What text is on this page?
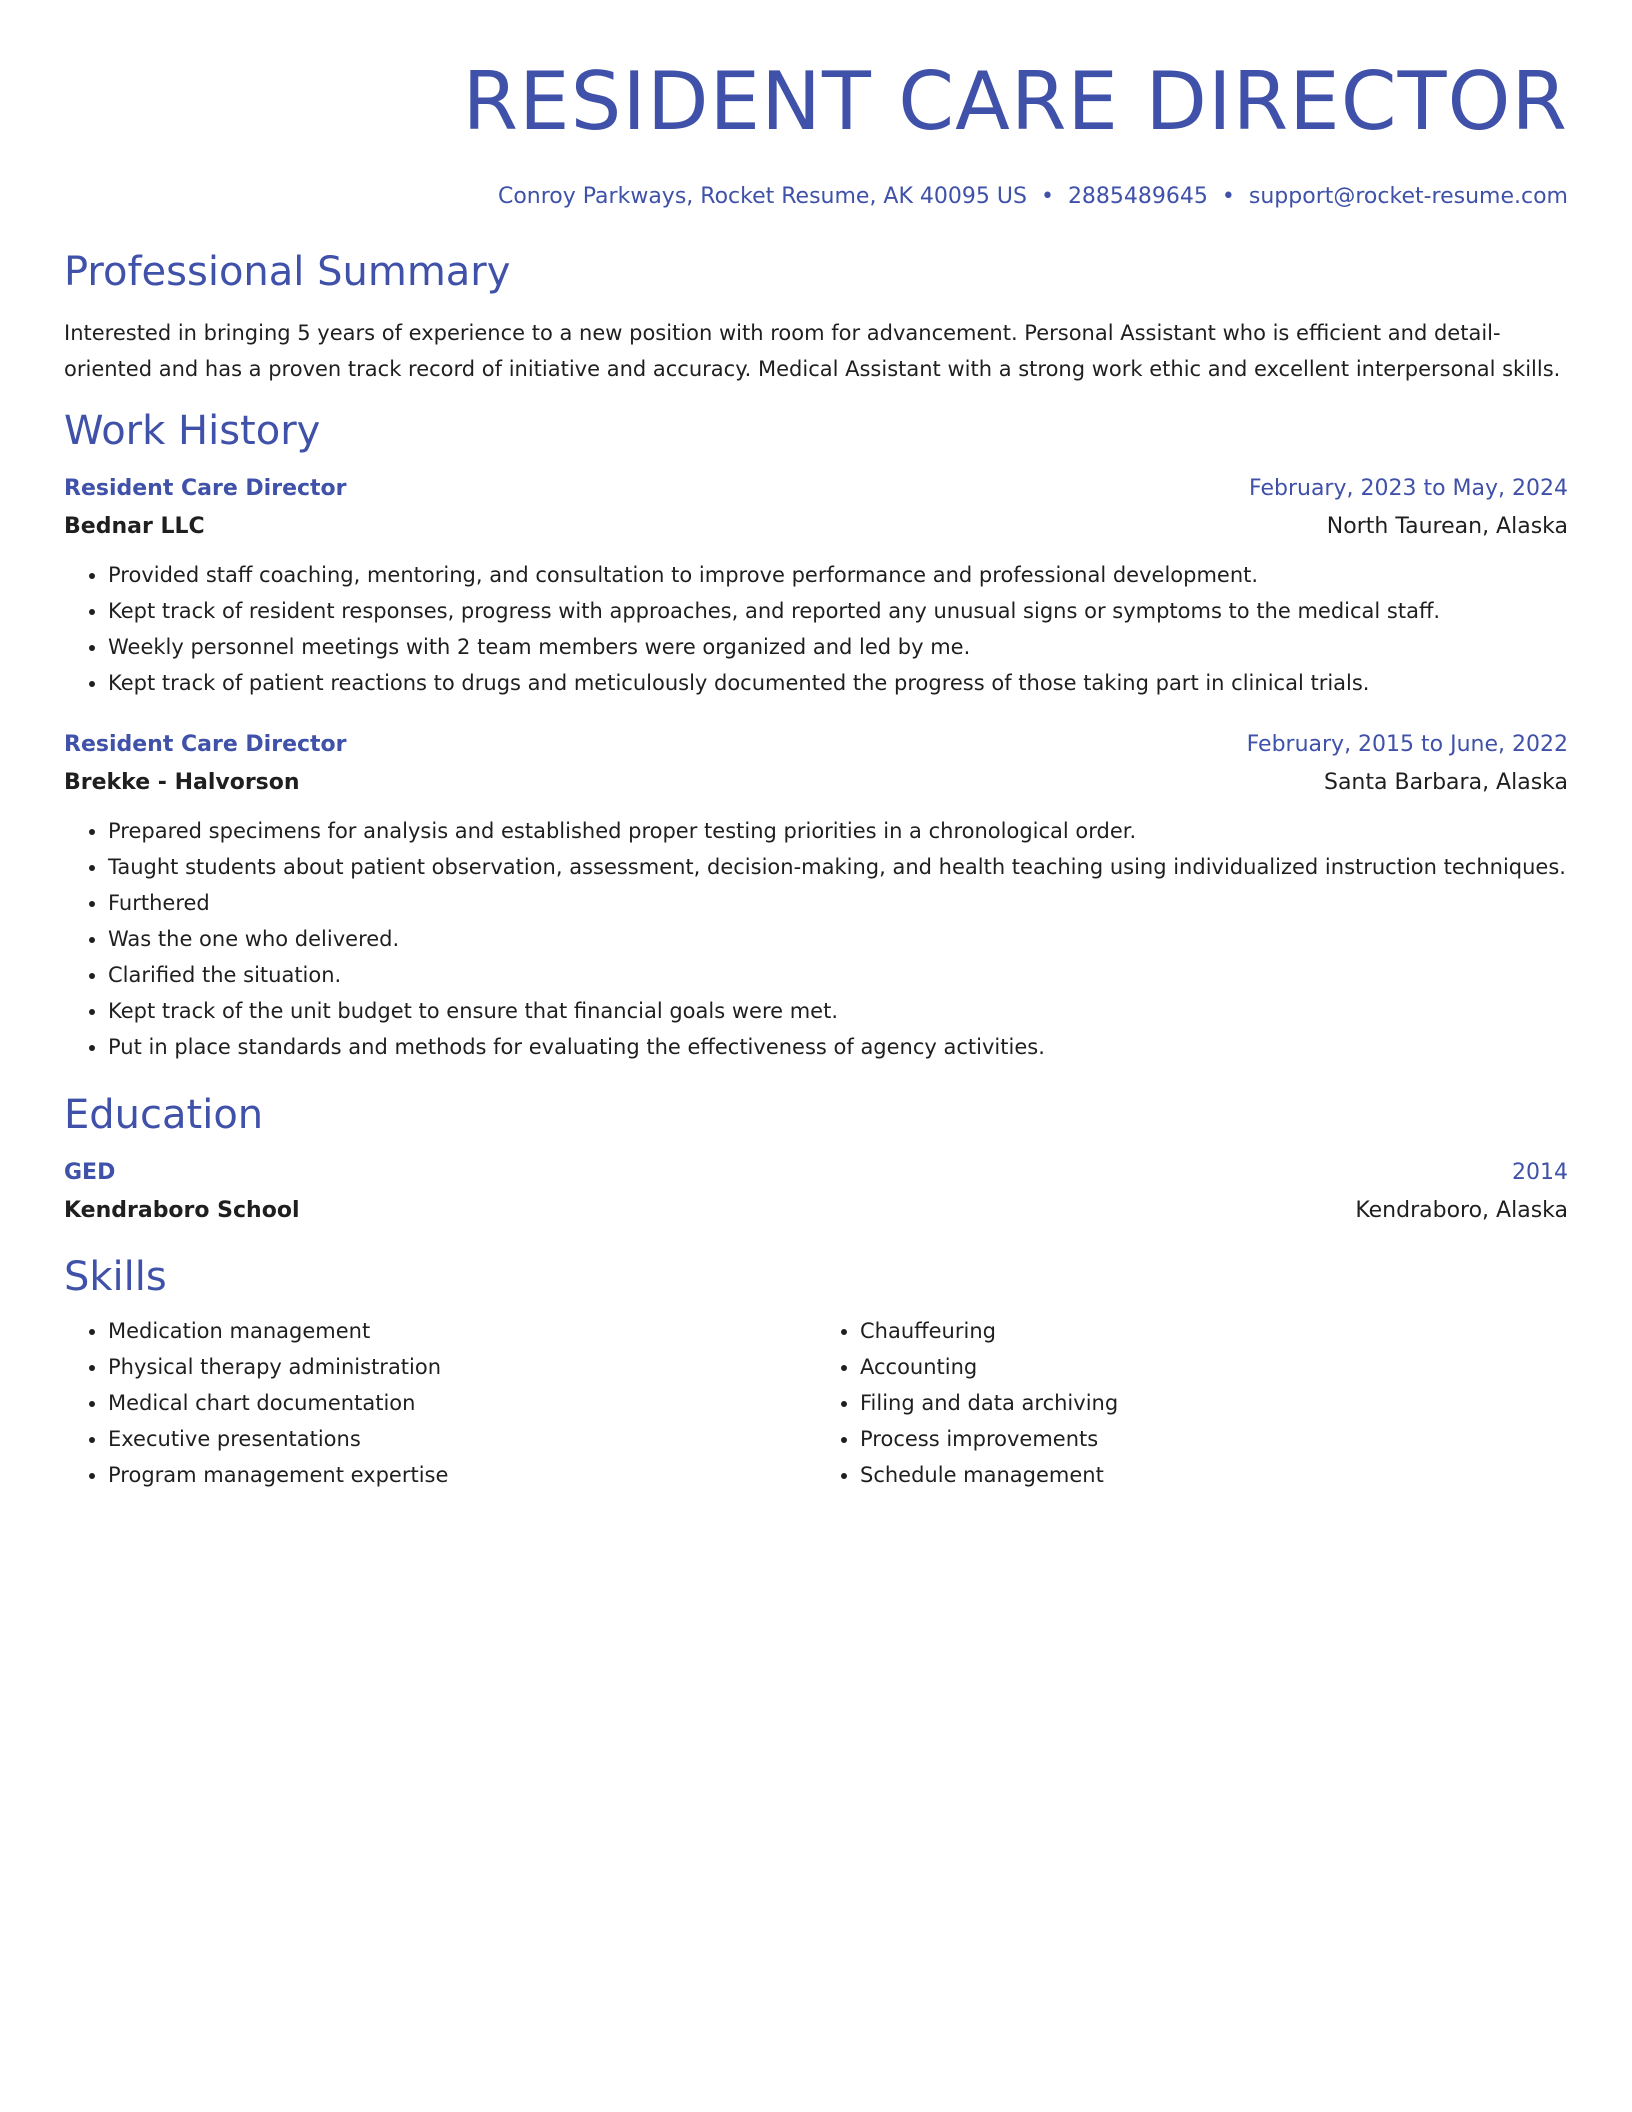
RESIDENT CARE DIRECTOR
Conroy Parkways, Rocket Resume, AK 40095 US • 2885489645 • support@rocket-resume.com
Professional Summary
Interested in bringing 5 years of experience to a new position with room for advancement. Personal Assistant who is efficient and detail-oriented and has a proven track record of initiative and accuracy. Medical Assistant with a strong work ethic and excellent interpersonal skills.
Work History
Resident Care Director	February, 2023 to May, 2024
Bednar LLC	North Taurean, Alaska
• Provided staff coaching, mentoring, and consultation to improve performance and professional development.
• Kept track of resident responses, progress with approaches, and reported any unusual signs or symptoms to the medical staff.
• Weekly personnel meetings with 2 team members were organized and led by me.
• Kept track of patient reactions to drugs and meticulously documented the progress of those taking part in clinical trials.
Resident Care Director	February, 2015 to June, 2022
Brekke - Halvorson	Santa Barbara, Alaska
• Prepared specimens for analysis and established proper testing priorities in a chronological order.
• Taught students about patient observation, assessment, decision-making, and health teaching using individualized instruction techniques.
• Furthered
• Was the one who delivered.
• Clarified the situation.
• Kept track of the unit budget to ensure that financial goals were met.
• Put in place standards and methods for evaluating the effectiveness of agency activities.
Education
GED	2014
Kendraboro School	Kendraboro, Alaska
Skills
• Medication management
• Physical therapy administration
• Medical chart documentation
• Executive presentations
• Program management expertise
• Chauffeuring
• Accounting
• Filing and data archiving
• Process improvements
• Schedule management
